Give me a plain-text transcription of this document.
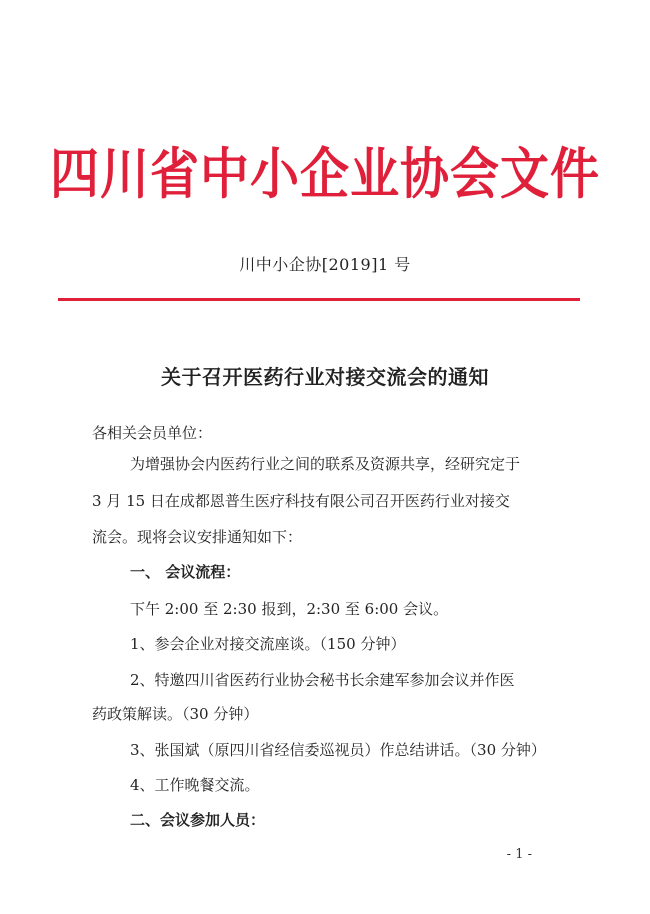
四川省中小企业协会文件
川中小企协[2019]1 号
关于召开医药行业对接交流会的通知
各相关会员单位：
为增强协会内医药行业之间的联系及资源共享，经研究定于
3 月 15 日在成都恩普生医疗科技有限公司召开医药行业对接交
流会。现将会议安排通知如下：
一、 会议流程：
下午 2:00 至 2:30 报到，2:30 至 6:00 会议。
1、参会企业对接交流座谈。（150 分钟）
2、特邀四川省医药行业协会秘书长余建军参加会议并作医
药政策解读。（30 分钟）
3、张国斌（原四川省经信委巡视员）作总结讲话。（30 分钟）
4、工作晚餐交流。
二、会议参加人员：
- 1 -
